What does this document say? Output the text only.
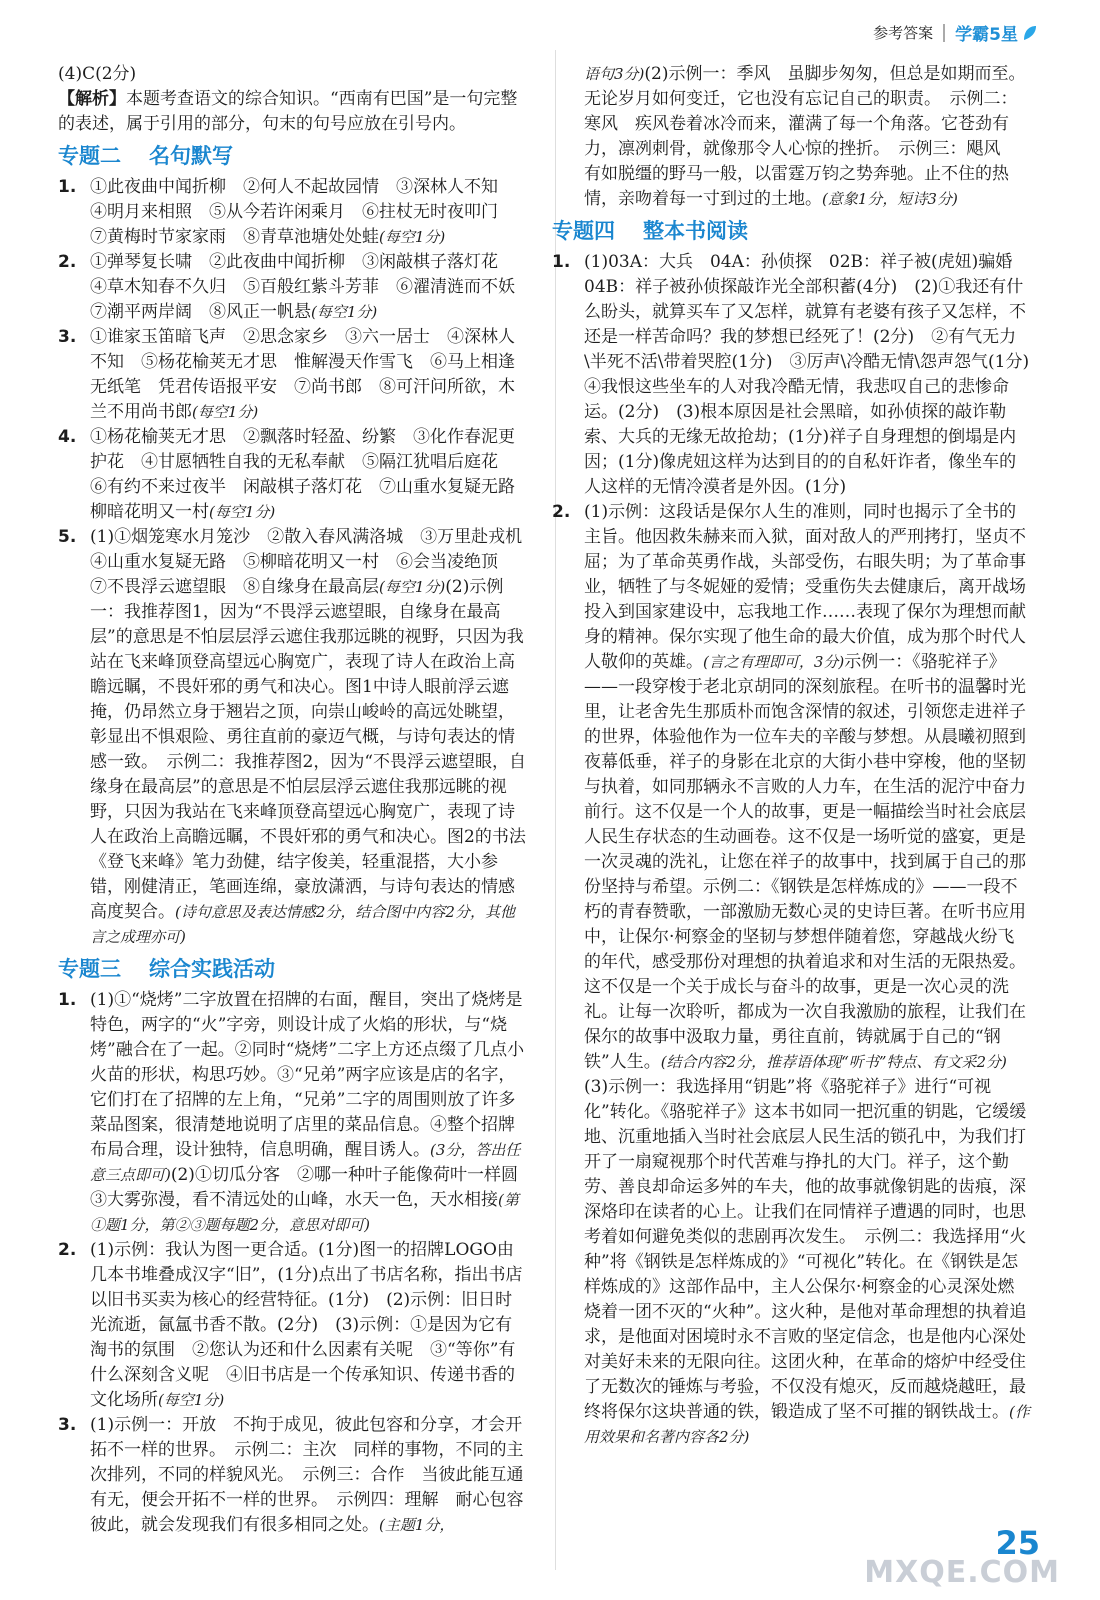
参考答案 学霸5星

(4)C(2分)

【解析】本题考查语文的综合知识。“西南有巴国”是一句完整的表述，属于引用的部分，句末的句号应放在引号内。

专题二 名句默写

1. ①此夜曲中闻折柳　②何人不起故园情　③深林人不知　④明月来相照　⑤从今若许闲乘月　⑥拄杖无时夜叩门　⑦黄梅时节家家雨　⑧青草池塘处处蛙(每空1分)

2. ①弹琴复长啸　②此夜曲中闻折柳　③闲敲棋子落灯花　④草木知春不久归　⑤百般红紫斗芳菲　⑥濯清涟而不妖　⑦潮平两岸阔　⑧风正一帆悬(每空1分)

3. ①谁家玉笛暗飞声　②思念家乡　③六一居士　④深林人不知　⑤杨花榆荚无才思　惟解漫天作雪飞　⑥马上相逢无纸笔　凭君传语报平安　⑦尚书郎　⑧可汗问所欲，木兰不用尚书郎(每空1分)

4. ①杨花榆荚无才思　②飘落时轻盈、纷繁　③化作春泥更护花　④甘愿牺牲自我的无私奉献　⑤隔江犹唱后庭花　⑥有约不来过夜半　闲敲棋子落灯花　⑦山重水复疑无路　柳暗花明又一村(每空1分)

5. (1)①烟笼寒水月笼沙　②散入春风满洛城　③万里赴戎机　④山重水复疑无路　⑤柳暗花明又一村　⑥会当凌绝顶　⑦不畏浮云遮望眼　⑧自缘身在最高层(每空1分)(2)示例一：我推荐图1，因为“不畏浮云遮望眼，自缘身在最高层”的意思是不怕层层浮云遮住我那远眺的视野，只因为我站在飞来峰顶登高望远心胸宽广，表现了诗人在政治上高瞻远瞩，不畏奸邪的勇气和决心。图1中诗人眼前浮云遮掩，仍昂然立身于翘岩之顶，向崇山峻岭的高远处眺望，彰显出不惧艰险、勇往直前的豪迈气概，与诗句表达的情感一致。　示例二：我推荐图2，因为“不畏浮云遮望眼，自缘身在最高层”的意思是不怕层层浮云遮住我那远眺的视野，只因为我站在飞来峰顶登高望远心胸宽广，表现了诗人在政治上高瞻远瞩，不畏奸邪的勇气和决心。图2的书法《登飞来峰》笔力劲健，结字俊美，轻重混搭，大小参错，刚健清正，笔画连绵，豪放潇洒，与诗句表达的情感高度契合。(诗句意思及表达情感2分，结合图中内容2分，其他言之成理亦可)

专题三 综合实践活动

1. (1)①“烧烤”二字放置在招牌的右面，醒目，突出了烧烤是特色，两字的“火”字旁，则设计成了火焰的形状，与“烧烤”融合在了一起。②同时“烧烤”二字上方还点缀了几点小火苗的形状，构思巧妙。③“兄弟”两字应该是店的名字，它们打在了招牌的左上角，“兄弟”二字的周围则放了许多菜品图案，很清楚地说明了店里的菜品信息。④整个招牌布局合理，设计独特，信息明确，醒目诱人。(3分，答出任意三点即可)(2)①切瓜分客　②哪一种叶子能像荷叶一样圆　③大雾弥漫，看不清远处的山峰，水天一色，天水相接(第①题1分，第②③题每题2分，意思对即可)

2. (1)示例：我认为图一更合适。(1分)图一的招牌LOGO由几本书堆叠成汉字“旧”，(1分)点出了书店名称，指出书店以旧书买卖为核心的经营特征。(1分)　(2)示例：旧日时光流逝，氤氲书香不散。(2分)　(3)示例：①是因为它有淘书的氛围　②您认为还和什么因素有关呢　③“等你”有什么深刻含义呢　④旧书店是一个传承知识、传递书香的文化场所(每空1分)

3. (1)示例一：开放　不拘于成见，彼此包容和分享，才会开拓不一样的世界。　示例二：主次　同样的事物，不同的主次排列，不同的样貌风光。　示例三：合作　当彼此能互通有无，便会开拓不一样的世界。　示例四：理解　耐心包容彼此，就会发现我们有很多相同之处。(主题1分，

语句3分)(2)示例一：季风　虽脚步匆匆，但总是如期而至。无论岁月如何变迁，它也没有忘记自己的职责。　示例二：寒风　疾风卷着冰冷而来，灌满了每一个角落。它苍劲有力，凛冽刺骨，就像那令人心惊的挫折。　示例三：飓风　有如脱缰的野马一般，以雷霆万钧之势奔驰。止不住的热情，亲吻着每一寸到过的土地。(意象1分，短诗3分)

专题四 整本书阅读

1. (1)03A：大兵　04A：孙侦探　02B：祥子被(虎妞)骗婚　04B：祥子被孙侦探敲诈光全部积蓄(4分)　(2)①我还有什么盼头，就算买车了又怎样，就算有老婆有孩子又怎样，不还是一样苦命吗？我的梦想已经死了！(2分)　②有气无力\半死不活\带着哭腔(1分)　③厉声\冷酷无情\怨声怨气(1分)　④我恨这些坐车的人对我冷酷无情，我悲叹自己的悲惨命运。(2分)　(3)根本原因是社会黑暗，如孙侦探的敲诈勒索、大兵的无缘无故抢劫；(1分)祥子自身理想的倒塌是内因；(1分)像虎妞这样为达到目的的自私奸诈者，像坐车的人这样的无情冷漠者是外因。(1分)

2. (1)示例：这段话是保尔人生的准则，同时也揭示了全书的主旨。他因救朱赫来而入狱，面对敌人的严刑拷打，坚贞不屈；为了革命英勇作战，头部受伤，右眼失明；为了革命事业，牺牲了与冬妮娅的爱情；受重伤失去健康后，离开战场投入到国家建设中，忘我地工作……表现了保尔为理想而献身的精神。保尔实现了他生命的最大价值，成为那个时代人人敬仰的英雄。(言之有理即可，3分)示例一：《骆驼祥子》——一段穿梭于老北京胡同的深刻旅程。在听书的温馨时光里，让老舍先生那质朴而饱含深情的叙述，引领您走进祥子的世界，体验他作为一位车夫的辛酸与梦想。从晨曦初照到夜幕低垂，祥子的身影在北京的大街小巷中穿梭，他的坚韧与执着，如同那辆永不言败的人力车，在生活的泥泞中奋力前行。这不仅是一个人的故事，更是一幅描绘当时社会底层人民生存状态的生动画卷。这不仅是一场听觉的盛宴，更是一次灵魂的洗礼，让您在祥子的故事中，找到属于自己的那份坚持与希望。示例二：《钢铁是怎样炼成的》——一段不朽的青春赞歌，一部激励无数心灵的史诗巨著。在听书应用中，让保尔·柯察金的坚韧与梦想伴随着您，穿越战火纷飞的年代，感受那份对理想的执着追求和对生活的无限热爱。这不仅是一个关于成长与奋斗的故事，更是一次心灵的洗礼。让每一次聆听，都成为一次自我激励的旅程，让我们在保尔的故事中汲取力量，勇往直前，铸就属于自己的“钢铁”人生。(结合内容2分，推荐语体现“听书”特点、有文采2分)(3)示例一：我选择用“钥匙”将《骆驼祥子》进行“可视化”转化。《骆驼祥子》这本书如同一把沉重的钥匙，它缓缓地、沉重地插入当时社会底层人民生活的锁孔中，为我们打开了一扇窥视那个时代苦难与挣扎的大门。祥子，这个勤劳、善良却命运多舛的车夫，他的故事就像钥匙的齿痕，深深烙印在读者的心上。让我们在同情祥子遭遇的同时，也思考着如何避免类似的悲剧再次发生。　示例二：我选择用“火种”将《钢铁是怎样炼成的》“可视化”转化。在《钢铁是怎样炼成的》这部作品中，主人公保尔·柯察金的心灵深处燃烧着一团不灭的“火种”。这火种，是他对革命理想的执着追求，是他面对困境时永不言败的坚定信念，也是他内心深处对美好未来的无限向往。这团火种，在革命的熔炉中经受住了无数次的锤炼与考验，不仅没有熄灭，反而越烧越旺，最终将保尔这块普通的铁，锻造成了坚不可摧的钢铁战士。(作用效果和名著内容各2分)

25
MXQE.COM
